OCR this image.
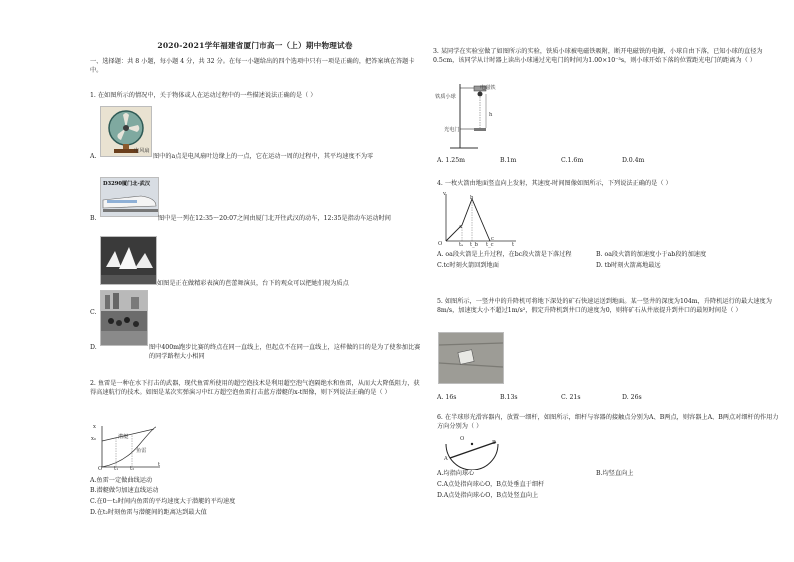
2020-2021学年福建省厦门市高一（上）期中物理试卷
一、选择题：共 8 小题，每小题 4 分，共 32 分。在每一小题给出的四个选项中只有一项是正确的，把答案填在答题卡中。
1. 在如图所示的情况中，关于物体或人在运动过程中的一些描述说法正确的是（ ）
电风扇
A.	图中的a点是电风扇叶边缘上的一点，它在运动一周的过程中，其平均速度不为零
D3290厦门北-武汉
B.	图中是一列在12:35～20:07之间由厦门北开往武汉的动车，12:35是指动车运动时间
如图是正在做精彩表演的芭蕾舞演员，台下的观众可以把她们视为质点
C.
D.	图中400m跑步比赛的终点在同一直线上，但起点不在同一直线上，这样做的目的是为了使参加比赛的同学路程大小相同
2. 鱼雷是一种在水下打击的武器，现代鱼雷所使用的超空泡技术是利用超空泡气泡隔绝水和鱼雷，从而大大降低阻力，获得高速航行的技术。如图是某次实弹演习中红方超空泡鱼雷打击蓝方潜艇的x-t图像，则下列说法正确的是（ ）
x
x₀	潜艇
鱼雷
O t₁ t₂
t
A.鱼雷一定做曲线运动
B.潜艇做匀加速直线运动
C.在0～t₂时间内鱼雷的平均速度大于潜艇的平均速度
D.在t₂时刻鱼雷与潜艇间的距离达到最大值
3. 某同学在实验室做了如图所示的实验，铁质小球被电磁铁吸附，断开电磁铁的电源，小球自由下落，已知小球的直径为0.5cm，该同学从计时器上读出小球通过光电门的时间为1.00×10⁻³s，则小球开始下落的位置距光电门的距离为（ ）
铁质小球
电磁铁
h
光电门
A. 1.25m	B.1m	C.1.6m	D.0.4m
4. 一枚火箭由地面竖直向上发射，其速度-时间图像如图所示，下列说法正确的是（ ）
v
a
b
c
O	tₐ t_b t_c	t
A. oa段火箭是上升过程，在bc段火箭是下落过程	B. oa段火箭的加速度小于ab段的加速度
C.tc时刻火箭回到地面	D. tb时刻火箭离地最远
5. 如图所示，一竖井中的升降机可将地下深处的矿石快速运送到地面。某一竖井的深度为104m，升降机运行的最大速度为8m/s，加速度大小不超过1m/s²，假定升降机到井口的速度为0，则将矿石从井底提升到井口的最短时间是（ ）
A. 16s	B.13s	C. 21s	D. 26s
6. 在半球形光滑容器内，放置一细杆，如图所示，细杆与容器的接触点分别为A、B两点，则容器上A、B两点对细杆的作用力方向分别为（ ）
O
A
B
A.均指向球心	B.均竖直向上
C.A点处指向球心O，B点处垂直于细杆
D.A点处指向球心O，B点处竖直向上
